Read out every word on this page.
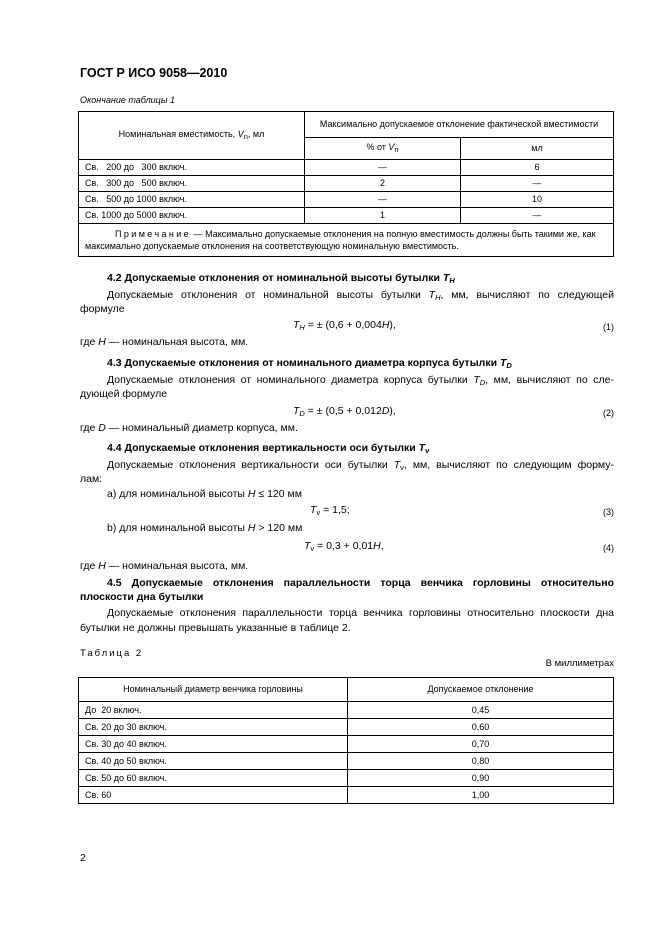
ГОСТ Р ИСО 9058—2010
Окончание таблицы 1
Номинальная вместимость, $V_n$, мл	Максимально допускаемое отклонение фактической вместимости	
	% от $V_n$	мл
Св.   200 до   300 включ.	—	6
Св.   300 до   500 включ.	2	—
Св.   500 до 1000 включ.	—	10
Св. 1000 до 5000 включ.	1	—
Примечание — Максимально допускаемые отклонения на полную вместимость должны быть такими же, как максимально допускаемые отклонения на соответствующую номинальную вместимость.		
4.2 Допускаемые отклонения от номинальной высоты бутылки $T_H$
Допускаемые отклонения от номинальной высоты бутылки $T_H$, мм, вычисляют по следующей
формуле
$T_H$ = ± (0,6 + 0,004H),	(1)
где H — номинальная высота, мм.
4.3 Допускаемые отклонения от номинального диаметра корпуса бутылки $T_D$
Допускаемые отклонения от номинального диаметра корпуса бутылки $T_D$, мм, вычисляют по сле-
дующей формуле
$T_D$ = ± (0,5 + 0,012D),	(2)
где D — номинальный диаметр корпуса, мм.
4.4 Допускаемые отклонения вертикальности оси бутылки $T_v$
Допускаемые отклонения вертикальности оси бутылки $T_v$, мм, вычисляют по следующим форму-
лам:
а) для номинальной высоты H ≤ 120 мм
$T_v = 1,5$;	(3)
b) для номинальной высоты H > 120 мм
$T_v = 0,3 + 0,01H$,	(4)
где H — номинальная высота, мм.
4.5 Допускаемые отклонения параллельности торца венчика горловины относительно
плоскости дна бутылки
Допускаемые отклонения параллельности торца венчика горловины относительно плоскости дна
бутылки не должны превышать указанные в таблице 2.
Таблица 2
В миллиметрах
Номинальный диаметр венчика горловины	Допускаемое отклонение
До  20 включ.	0,45
Св. 20 до 30 включ.	0,60
Св. 30 до 40 включ.	0,70
Св. 40 до 50 включ.	0,80
Св. 50 до 60 включ.	0,90
Св. 60	1,00
2
